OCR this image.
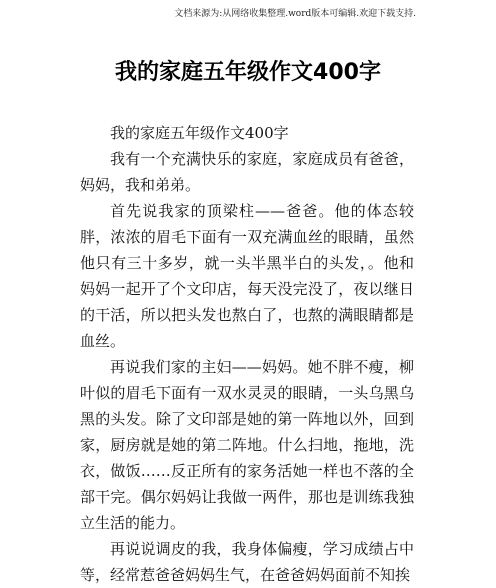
文档来源为:从网络收集整理.word版本可编辑.欢迎下载支持.
我的家庭五年级作文400字

我的家庭五年级作文400字

我有一个充满快乐的家庭，家庭成员有爸爸，妈妈，我和弟弟。

首先说我家的顶梁柱——爸爸。他的体态较胖，浓浓的眉毛下面有一双充满血丝的眼睛，虽然他只有三十多岁，就一头半黑半白的头发，。他和妈妈一起开了个文印店，每天没完没了，夜以继日的干活，所以把头发也熬白了，也熬的满眼睛都是血丝。

再说我们家的主妇——妈妈。她不胖不瘦，柳叶似的眉毛下面有一双水灵灵的眼睛，一头乌黑乌黑的头发。除了文印部是她的第一阵地以外，回到家，厨房就是她的第二阵地。什么扫地，拖地，洗衣，做饭……反正所有的家务活她一样也不落的全部干完。偶尔妈妈让我做一两件，那也是训练我独立生活的能力。

再说说调皮的我，我身体偏瘦，学习成绩占中等，经常惹爸爸妈妈生气，在爸爸妈妈面前不知挨
